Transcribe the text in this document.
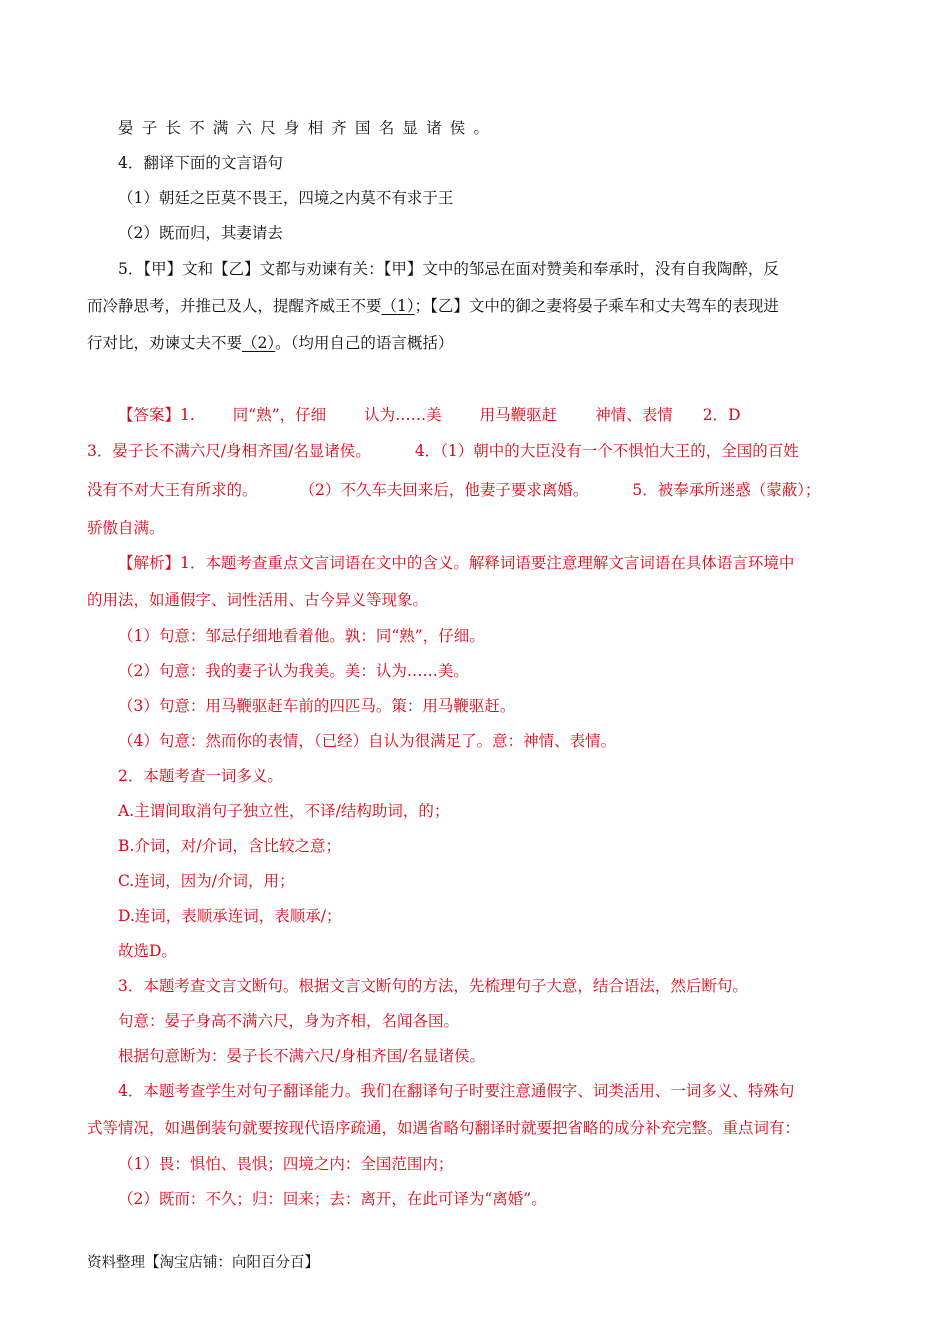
晏子长不满六尺身相齐国名显诸侯。
4．翻译下面的文言语句
（1）朝廷之臣莫不畏王，四境之内莫不有求于王
（2）既而归，其妻请去
5．【甲】文和【乙】文都与劝谏有关：【甲】文中的邹忌在面对赞美和奉承时，没有自我陶醉，反
而冷静思考，并推己及人，提醒齐威王不要（1）；【乙】文中的御之妻将晏子乘车和丈夫驾车的表现进
行对比，劝谏丈夫不要（2）。（均用自己的语言概括）
【答案】1. 同“熟”，仔细 认为……美 用马鞭驱赶 神情、表情 2．D
3．晏子长不满六尺/身相齐国/名显诸侯。	4．（1）朝中的大臣没有一个不惧怕大王的，全国的百姓
没有不对大王有所求的。	（2）不久车夫回来后，他妻子要求离婚。	5．被奉承所迷惑（蒙蔽）；
骄傲自满。
【解析】1．本题考查重点文言词语在文中的含义。解释词语要注意理解文言词语在具体语言环境中
的用法，如通假字、词性活用、古今异义等现象。
（1）句意：邹忌仔细地看着他。孰：同“熟”，仔细。
（2）句意：我的妻子认为我美。美：认为……美。
（3）句意：用马鞭驱赶车前的四匹马。策：用马鞭驱赶。
（4）句意：然而你的表情，（已经）自认为很满足了。意：神情、表情。
2．本题考查一词多义。
A.主谓间取消句子独立性，不译/结构助词，的；
B.介词，对/介词，含比较之意；
C.连词，因为/介词，用；
D.连词，表顺承连词，表顺承/；
故选D。
3．本题考查文言文断句。根据文言文断句的方法，先梳理句子大意，结合语法，然后断句。
句意：晏子身高不满六尺，身为齐相，名闻各国。
根据句意断为：晏子长不满六尺/身相齐国/名显诸侯。
4．本题考查学生对句子翻译能力。我们在翻译句子时要注意通假字、词类活用、一词多义、特殊句
式等情况，如遇倒装句就要按现代语序疏通，如遇省略句翻译时就要把省略的成分补充完整。重点词有：
（1）畏：惧怕、畏惧；四境之内：全国范围内；
（2）既而：不久；归：回来；去：离开，在此可译为“离婚”。
资料整理【淘宝店铺：向阳百分百】
